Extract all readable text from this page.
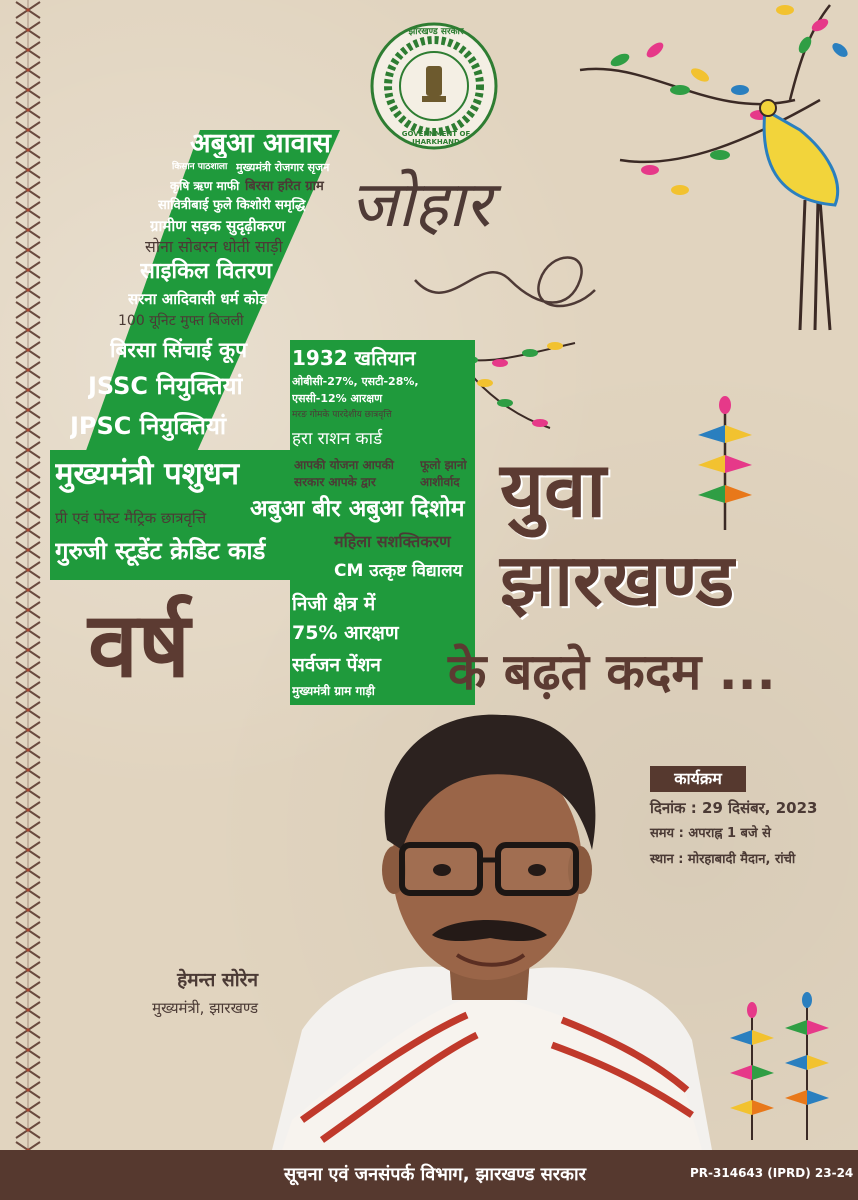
झारखण्ड सरकार
GOVERNMENT OF JHARKHAND
अबुआ आवास
किसान पाठशाला मुख्यमंत्री रोजगार सृजन
कृषि ऋण माफी बिरसा हरित ग्राम
सावित्रीबाई फुले किशोरी समृद्धि
ग्रामीण सड़क सुदृढ़ीकरण
सोना सोबरन धोती साड़ी
साइकिल वितरण
सरना आदिवासी धर्म कोड
100 यूनिट मुफ्त बिजली
बिरसा सिंचाई कूप
JSSC नियुक्तियां
JPSC नियुक्तियां
मुख्यमंत्री पशुधन
प्री एवं पोस्ट मैट्रिक छात्रवृत्ति
गुरुजी स्टूडेंट क्रेडिट कार्ड
1932 खतियान
ओबीसी-27%, एसटी-28%,
एससी-12% आरक्षण
मरङ गोमके पारदेशीय छात्रवृत्ति
हरा राशन कार्ड
आपकी योजना आपकी
सरकार आपके द्वार
फूलो झानो
आशीर्वाद
अबुआ बीर अबुआ दिशोम
महिला सशक्तिकरण
CM उत्कृष्ट विद्यालय
निजी क्षेत्र में
75% आरक्षण
सर्वजन पेंशन
मुख्यमंत्री ग्राम गाड़ी
जोहार
वर्ष
युवा
झारखण्ड
के बढ़ते कदम ...
कार्यक्रम
दिनांक : 29 दिसंबर, 2023
समय : अपराह्न 1 बजे से
स्थान : मोरहाबादी मैदान, रांची
हेमन्त सोरेन
मुख्यमंत्री, झारखण्ड
सूचना एवं जनसंपर्क विभाग, झारखण्ड सरकार	PR-314643 (IPRD) 23-24
